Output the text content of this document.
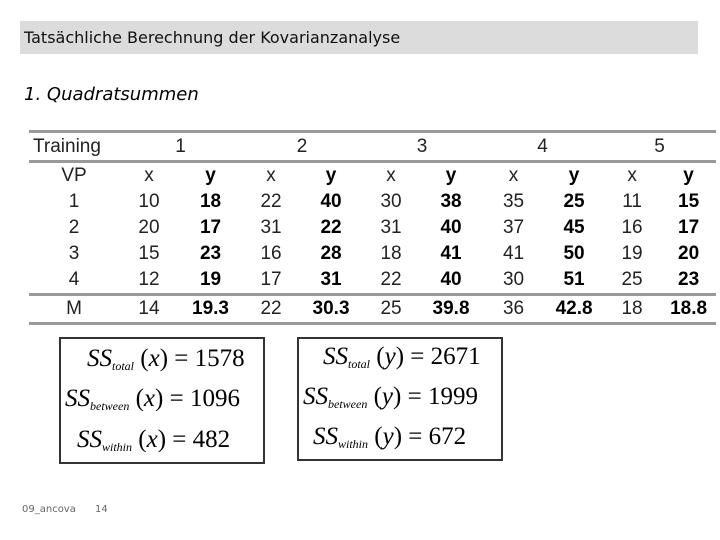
Tatsächliche Berechnung der Kovarianzanalyse
1. Quadratsummen
Training	1		2		3		4		5	
VP	x	y	x	y	x	y	x	y	x	y
1	10	18	22	40	30	38	35	25	11	15
2	20	17	31	22	31	40	37	45	16	17
3	15	23	16	28	18	41	41	50	19	20
4	12	19	17	31	22	40	30	51	25	23
M	14	19.3	22	30.3	25	39.8	36	42.8	18	18.8
$SS_{total}$ (x) = 1578
$SS_{between}$ (x) = 1096
$SS_{within}$ (x) = 482
$SS_{total}$ (y) = 2671
$SS_{between}$ (y) = 1999
$SS_{within}$ (y) = 672
09_ancova 14
